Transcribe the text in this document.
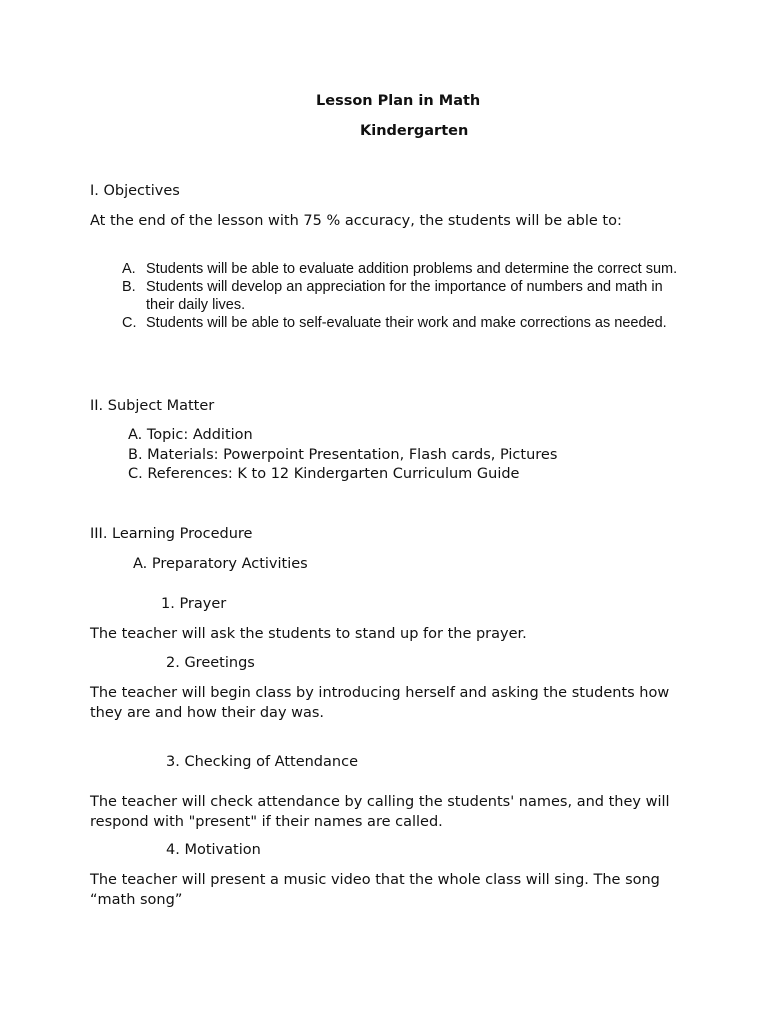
Lesson Plan in Math
Kindergarten
I. Objectives
At the end of the lesson with 75 % accuracy, the students will be able to:
A. Students will be able to evaluate addition problems and determine the correct sum.
B. Students will develop an appreciation for the importance of numbers and math in their daily lives.
C. Students will be able to self-evaluate their work and make corrections as needed.
II. Subject Matter
A. Topic: Addition
B. Materials: Powerpoint Presentation, Flash cards, Pictures
C. References: K to 12 Kindergarten Curriculum Guide
III. Learning Procedure
A. Preparatory Activities
1. Prayer
The teacher will ask the students to stand up for the prayer.
2. Greetings
The teacher will begin class by introducing herself and asking the students how they are and how their day was.
3. Checking of Attendance
The teacher will check attendance by calling the students' names, and they will respond with "present" if their names are called.
4. Motivation
The teacher will present a music video that the whole class will sing. The song “math song”
